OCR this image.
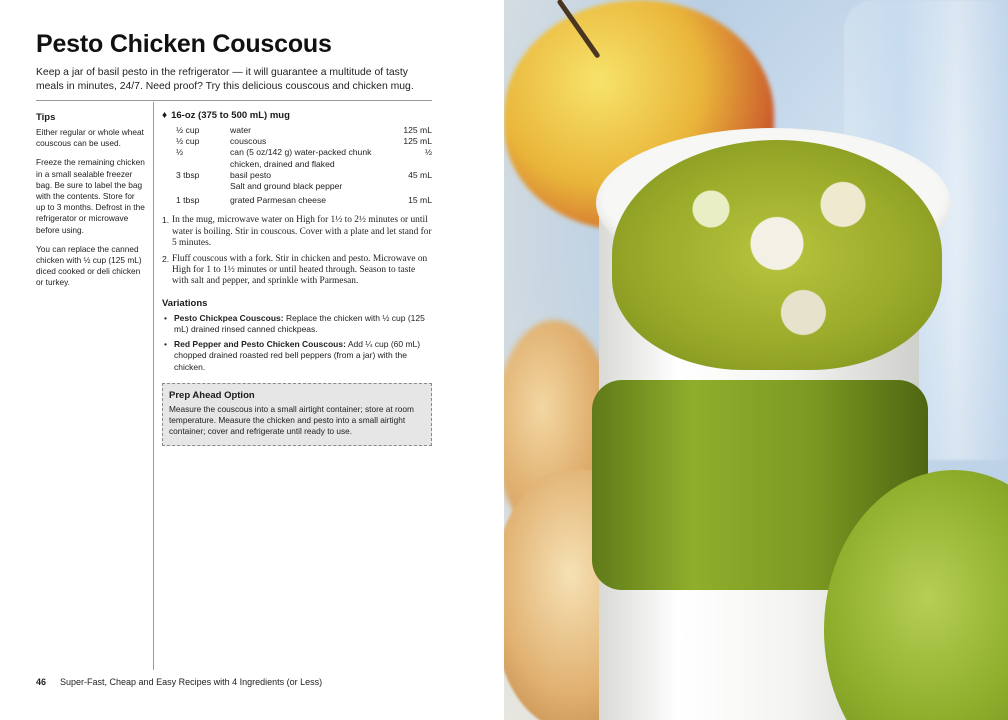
Pesto Chicken Couscous

Keep a jar of basil pesto in the refrigerator — it will guarantee a multitude of tasty meals in minutes, 24/7. Need proof? Try this delicious couscous and chicken mug.

Tips

Either regular or whole wheat couscous can be used.

Freeze the remaining chicken in a small sealable freezer bag. Be sure to label the bag with the contents. Store for up to 3 months. Defrost in the refrigerator or microwave before using.

You can replace the canned chicken with ½ cup (125 mL) diced cooked or deli chicken or turkey.

♦ 16-oz (375 to 500 mL) mug
½ cup	water	125 mL
½ cup	couscous	125 mL
½	can (5 oz/142 g) water-packed chunk chicken, drained and flaked	½
3 tbsp	basil pesto	45 mL
	Salt and ground black pepper	
1 tbsp	grated Parmesan cheese	15 mL
1. In the mug, microwave water on High for 1½ to 2½ minutes or until water is boiling. Stir in couscous. Cover with a plate and let stand for 5 minutes.
2. Fluff couscous with a fork. Stir in chicken and pesto. Microwave on High for 1 to 1½ minutes or until heated through. Season to taste with salt and pepper, and sprinkle with Parmesan.
Variations
• Pesto Chickpea Couscous: Replace the chicken with ½ cup (125 mL) drained rinsed canned chickpeas.
• Red Pepper and Pesto Chicken Couscous: Add ¼ cup (60 mL) chopped drained roasted red bell peppers (from a jar) with the chicken.
Prep Ahead Option

Measure the couscous into a small airtight container; store at room temperature. Measure the chicken and pesto into a small airtight container; cover and refrigerate until ready to use.

46 Super-Fast, Cheap and Easy Recipes with 4 Ingredients (or Less)
